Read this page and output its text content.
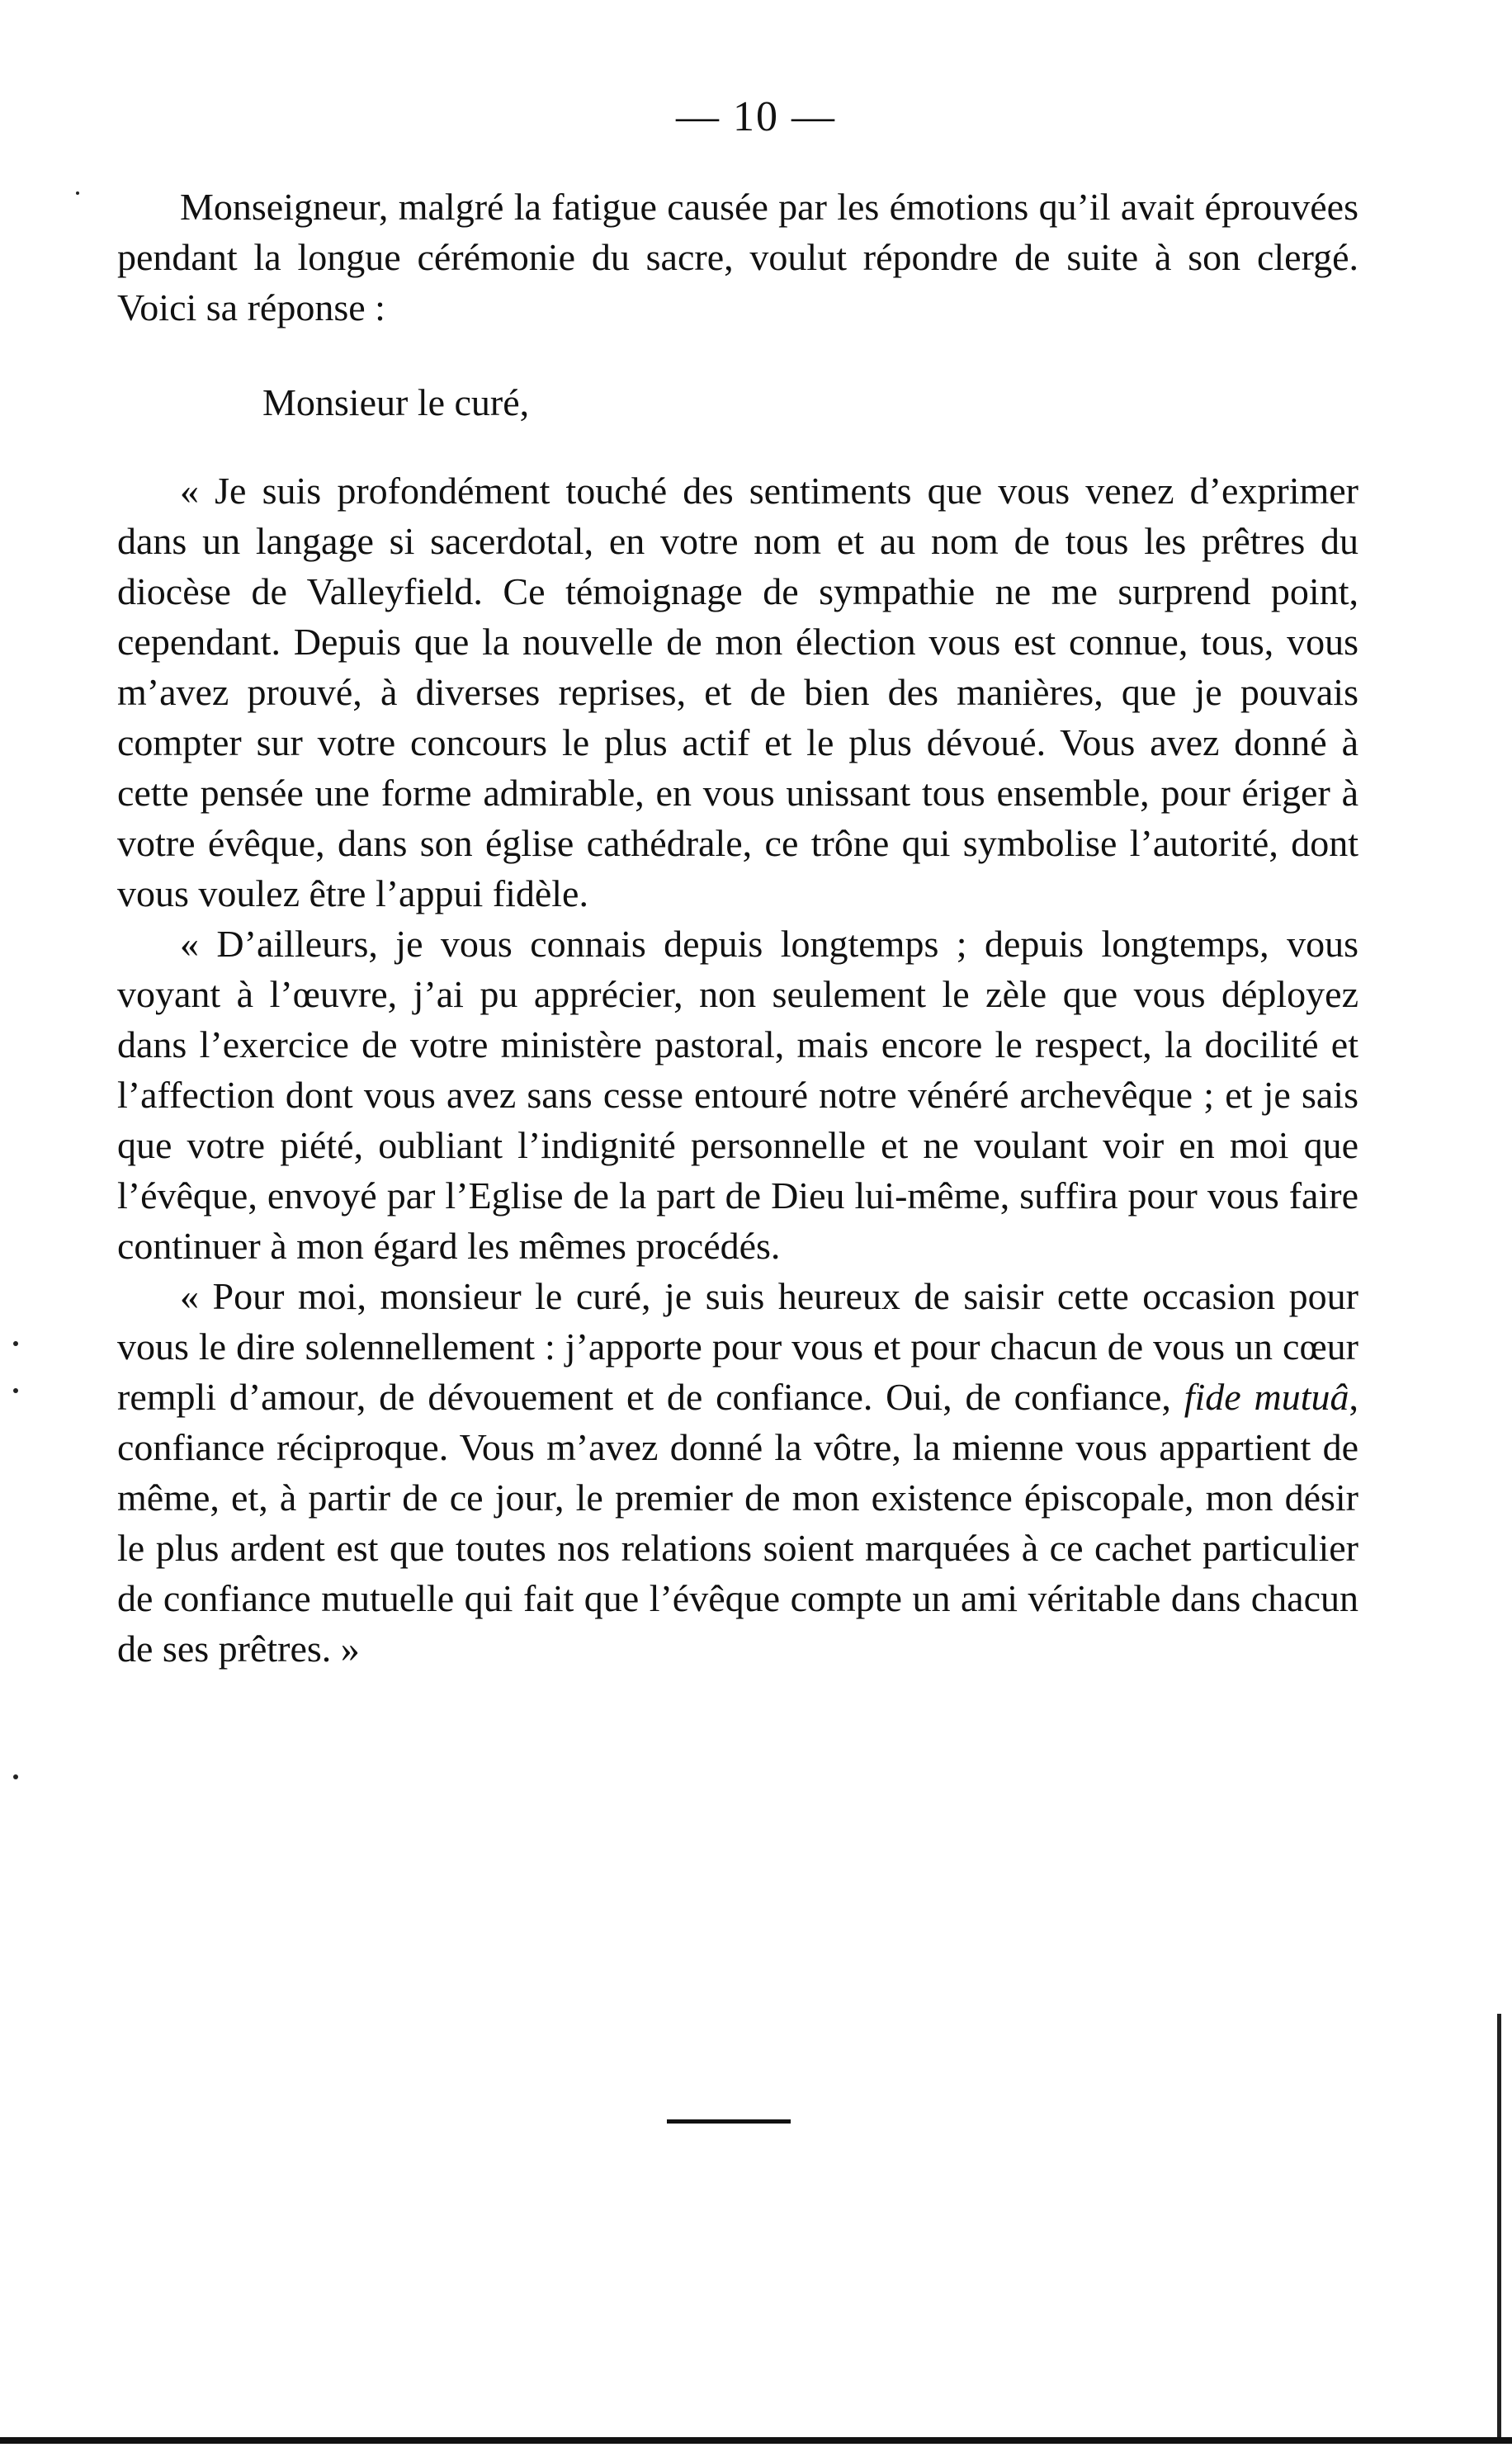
— 10 —

Monseigneur, malgré la fatigue causée par les émotions qu’il avait éprouvées pendant la longue cérémonie du sacre, voulut répondre de suite à son clergé. Voici sa réponse :

Monsieur le curé,

« Je suis profondément touché des sentiments que vous venez d’exprimer dans un langage si sacerdotal, en votre nom et au nom de tous les prêtres du diocèse de Valleyfield. Ce témoignage de sympathie ne me surprend point, cependant. Depuis que la nouvelle de mon élection vous est connue, tous, vous m’avez prouvé, à diverses reprises, et de bien des manières, que je pouvais compter sur votre concours le plus actif et le plus dévoué. Vous avez donné à cette pensée une forme admirable, en vous unissant tous ensemble, pour ériger à votre évêque, dans son église cathédrale, ce trône qui symbolise l’autorité, dont vous voulez être l’appui fidèle.

« D’ailleurs, je vous connais depuis longtemps ; depuis longtemps, vous voyant à l’œuvre, j’ai pu apprécier, non seulement le zèle que vous déployez dans l’exercice de votre ministère pastoral, mais encore le respect, la docilité et l’affection dont vous avez sans cesse entouré notre vénéré archevêque ; et je sais que votre piété, oubliant l’indignité personnelle et ne voulant voir en moi que l’évêque, envoyé par l’Eglise de la part de Dieu lui-même, suffira pour vous faire continuer à mon égard les mêmes procédés.

« Pour moi, monsieur le curé, je suis heureux de saisir cette occasion pour vous le dire solennellement : j’apporte pour vous et pour chacun de vous un cœur rempli d’amour, de dévouement et de confiance. Oui, de confiance, fide mutuâ, confiance réciproque. Vous m’avez donné la vôtre, la mienne vous appartient de même, et, à partir de ce jour, le premier de mon existence épiscopale, mon désir le plus ardent est que toutes nos relations soient marquées à ce cachet particulier de confiance mutuelle qui fait que l’évêque compte un ami véritable dans chacun de ses prêtres. »
